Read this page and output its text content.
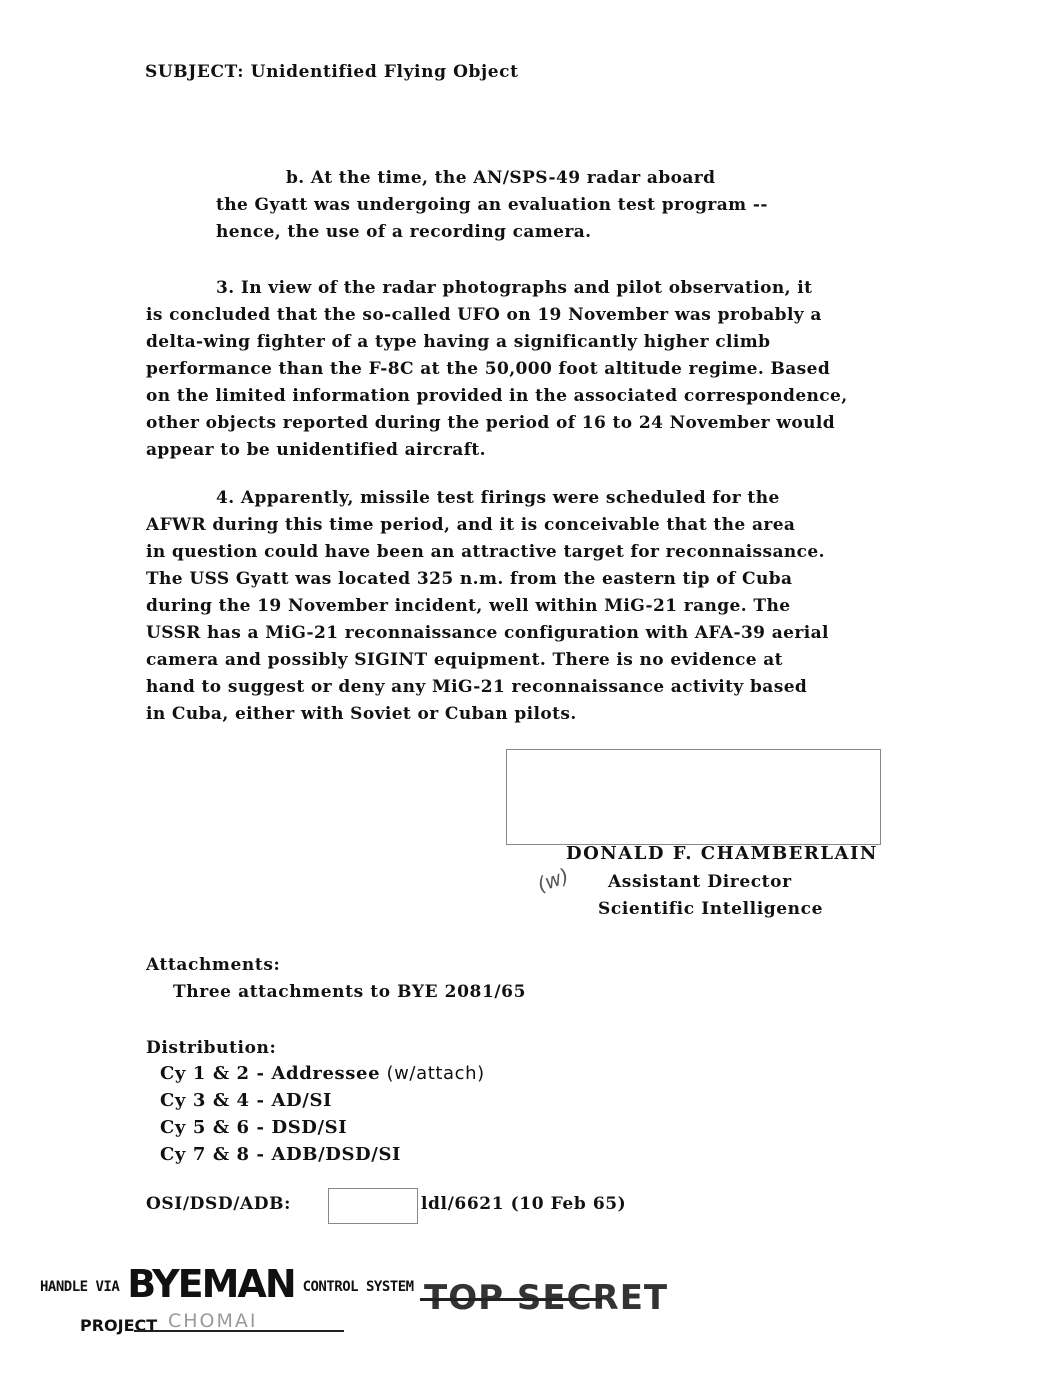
SUBJECT: Unidentified Flying Object
b. At the time, the AN/SPS-49 radar aboard
the Gyatt was undergoing an evaluation test program --
hence, the use of a recording camera.
3. In view of the radar photographs and pilot observation, it
is concluded that the so-called UFO on 19 November was probably a
delta-wing fighter of a type having a significantly higher climb
performance than the F-8C at the 50,000 foot altitude regime. Based
on the limited information provided in the associated correspondence,
other objects reported during the period of 16 to 24 November would
appear to be unidentified aircraft.
4. Apparently, missile test firings were scheduled for the
AFWR during this time period, and it is conceivable that the area
in question could have been an attractive target for reconnaissance.
The USS Gyatt was located 325 n.m. from the eastern tip of Cuba
during the 19 November incident, well within MiG-21 range. The
USSR has a MiG-21 reconnaissance configuration with AFA-39 aerial
camera and possibly SIGINT equipment. There is no evidence at
hand to suggest or deny any MiG-21 reconnaissance activity based
in Cuba, either with Soviet or Cuban pilots.
DONALD F. CHAMBERLAIN
(w) Assistant Director
Scientific Intelligence
Attachments:
Three attachments to BYE 2081/65
Distribution:
Cy 1 & 2 - Addressee (w/attach)
Cy 3 & 4 - AD/SI
Cy 5 & 6 - DSD/SI
Cy 7 & 8 - ADB/DSD/SI
OSI/DSD/ADB:	ldl/6621 (10 Feb 65)
HANDLE VIA BYEMAN CONTROL SYSTEM
PROJECT CHOMAI
TOP SECRET
